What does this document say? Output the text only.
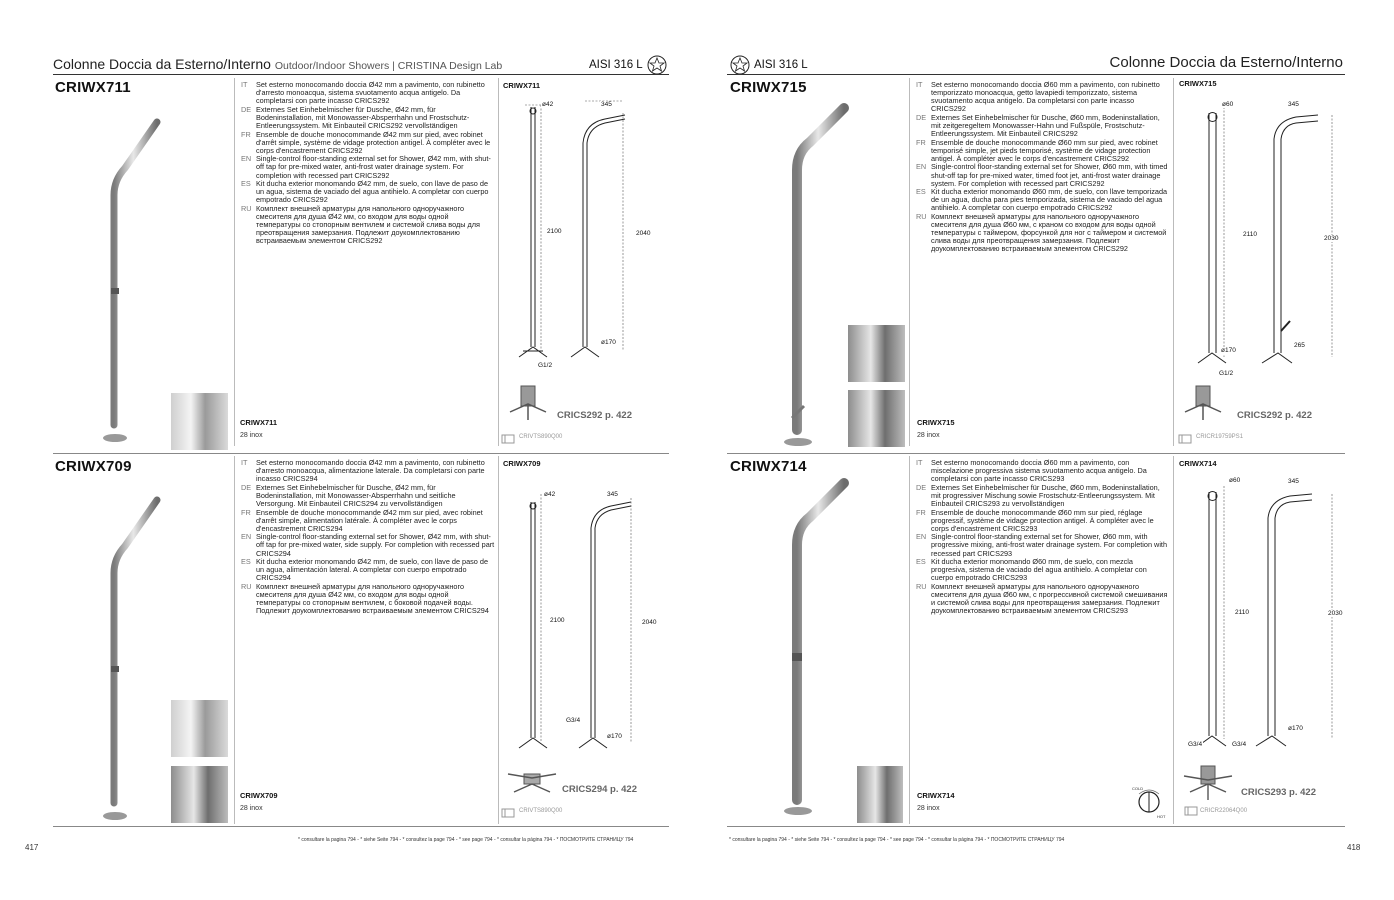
Colonne Doccia da Esterno/Interno Outdoor/Indoor Showers | CRISTINA Design Lab	AISI 316 L
CRIWX711
CRIWX711
28 inox
IT	Set esterno monocomando doccia Ø42 mm a pavimento, con rubinetto d'arresto monoacqua, sistema svuotamento acqua antigelo. Da completarsi con parte incasso CRICS292
DE Externes Set Einhebelmischer für Dusche, Ø42 mm, für Bodeninstallation, mit Monowasser-Absperrhahn und Frostschutz-Entleerungssystem. Mit Einbauteil CRICS292 vervollständigen
FR Ensemble de douche monocommande Ø42 mm sur pied, avec robinet d'arrêt simple, système de vidage protection antigel. À compléter avec le corps d'encastrement CRICS292
EN Single-control floor-standing external set for Shower, Ø42 mm, with shut-off tap for pre-mixed water, anti-frost water drainage system. For completion with recessed part CRICS292
ES Kit ducha exterior monomando Ø42 mm, de suelo, con llave de paso de un agua, sistema de vaciado del agua antihielo. A completar con cuerpo empotrado CRICS292
RU Комплект внешней арматуры для напольного одноручажного смесителя для душа Ø42 мм, со входом для воды одной температуры со стопорным вентилем и системой слива воды для преотвращения замерзания. Подлежит доукомплектованию встраиваемым элементом CRICS292
CRIWX711
ø42	345
2100	2040
ø170
G1/2
CRICS292 p. 422
CRIVTS890Q00
CRIWX709
CRIWX709
28 inox
IT	Set esterno monocomando doccia Ø42 mm a pavimento, con rubinetto d'arresto monoacqua, alimentazione laterale. Da completarsi con parte incasso CRICS294
DE Externes Set Einhebelmischer für Dusche, Ø42 mm, für Bodeninstallation, mit Monowasser-Absperrhahn und seitliche Versorgung. Mit Einbauteil CRICS294 zu vervollständigen
FR Ensemble de douche monocommande Ø42 mm sur pied, avec robinet d'arrêt simple, alimentation latérale. À compléter avec le corps d'encastrement CRICS294
EN Single-control floor-standing external set for Shower, Ø42 mm, with shut-off tap for pre-mixed water, side supply. For completion with recessed part CRICS294
ES Kit ducha exterior monomando Ø42 mm, de suelo, con llave de paso de un agua, alimentación lateral. A completar con cuerpo empotrado CRICS294
RU Комплект внешней арматуры для напольного одноручажного смесителя для душа Ø42 мм, со входом для воды одной температуры со стопорным вентилем, с боковой подачей воды. Подлежит доукомплектованию встраиваемым элементом CRICS294
CRIWX709
ø42	345
2100	2040
G3/4
ø170
CRICS294 p. 422
CRIVTS890Q00
* consultare la pagina 794 - * siehe Seite 794 - * consultez la page 794 - * see page 794 - * consultar la página 794 - * ПОСМОТРИТЕ СТРАНИЦУ 794
417
AISI 316 L	Colonne Doccia da Esterno/Interno
CRIWX715
CRIWX715
28 inox
IT	Set esterno monocomando doccia Ø60 mm a pavimento, con rubinetto temporizzato monoacqua, getto lavapiedi temporizzato, sistema svuotamento acqua antigelo. Da completarsi con parte incasso CRICS292
DE Externes Set Einhebelmischer für Dusche, Ø60 mm, Bodeninstallation, mit zeitgeregeltem Monowasser-Hahn und Fußspüle, Frostschutz-Entleerungssystem. Mit Einbauteil CRICS292
FR Ensemble de douche monocommande Ø60 mm sur pied, avec robinet temporisé simple, jet pieds temporisé, système de vidage protection antigel. À compléter avec le corps d'encastrement CRICS292
EN Single-control floor-standing external set for Shower, Ø60 mm, with timed shut-off tap for pre-mixed water, timed foot jet, anti-frost water drainage system. For completion with recessed part CRICS292
ES Kit ducha exterior monomando Ø60 mm, de suelo, con llave temporizada de un agua, ducha para pies temporizada, sistema de vaciado del agua antihielo. A completar con cuerpo empotrado CRICS292
RU Комплект внешней арматуры для напольного одноручажного смесителя для душа Ø60 мм, с краном со входом для воды одной температуры с таймером, форсункой для ног с таймером и системой слива воды для преотвращения замерзания. Подлежит доукомплектованию встраиваемым элементом CRICS292
CRIWX715
ø60	345
2110
2030
265
ø170
G1/2
CRICS292 p. 422
CRICR19759PS1
CRIWX714
CRIWX714
28 inox
IT	Set esterno monocomando doccia Ø60 mm a pavimento, con miscelazione progressiva sistema svuotamento acqua antigelo. Da completarsi con parte incasso CRICS293
DE Externes Set Einhebelmischer für Dusche, Ø60 mm, Bodeninstallation, mit progressiver Mischung sowie Frostschutz-Entleerungssystem. Mit Einbauteil CRICS293 zu vervollständigen
FR Ensemble de douche monocommande Ø60 mm sur pied, réglage progressif, système de vidage protection antigel. À compléter avec le corps d'encastrement CRICS293
EN Single-control floor-standing external set for Shower, Ø60 mm, with progressive mixing, anti-frost water drainage system. For completion with recessed part CRICS293
ES Kit ducha exterior monomando Ø60 mm, de suelo, con mezcla progresiva, sistema de vaciado del agua antihielo. A completar con cuerpo empotrado CRICS293
RU Комплект внешней арматуры для напольного одноручажного смесителя для душа Ø60 мм, с прогрессивной системой смешивания и системой слива воды для преотвращения замерзания. Подлежит доукомплектованию встраиваемым элементом CRICS293
CRIWX714
ø60	345
2110	2030
ø170
G3/4	G3/4
CRICS293 p. 422
CRICR22064Q00
COLD
HOT
* consultare la pagina 794 - * siehe Seite 794 - * consultez la page 794 - * see page 794 - * consultar la página 794 - * ПОСМОТРИТЕ СТРАНИЦУ 794
418
